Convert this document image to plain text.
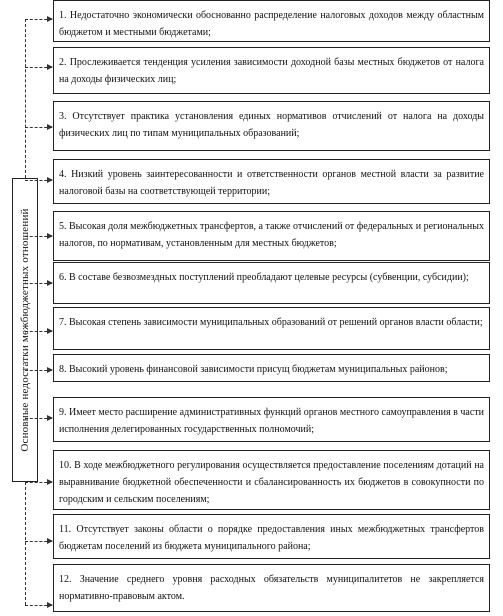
Основные недостатки межбюджетных отношений
1. Недостаточно экономически обоснованно распределение налоговых доходов между областным бюджетом и местными бюджетами;
2. Прослеживается тенденция усиления зависимости доходной базы местных бюджетов от налога на доходы физических лиц;
3. Отсутствует практика установления единых нормативов отчислений от налога на доходы физических лиц по типам муниципальных образований;
4. Низкий уровень заинтересованности и ответственности органов местной власти за развитие налоговой базы на соответствующей территории;
5. Высокая доля межбюджетных трансфертов, а также отчислений от федеральных и региональных налогов, по нормативам, установленным для местных бюджетов;
6. В составе безвозмездных поступлений преобладают целевые ресурсы (субвенции, субсидии);
7. Высокая степень зависимости муниципальных образований от решений органов власти области;
8. Высокий уровень финансовой зависимости присущ бюджетам муниципальных районов;
9. Имеет место расширение административных функций органов местного самоуправления в части исполнения делегированных государственных полномочий;
10. В ходе межбюджетного регулирования осуществляется предоставление поселениям дотаций на выравнивание бюджетной обеспеченности и сбалансированность их бюджетов в совокупности по городским и сельским поселениям;
11. Отсутствует законы области о порядке предоставления иных межбюджетных трансфертов бюджетам поселений из бюджета муниципального района;
12. Значение среднего уровня расходных обязательств муниципалитетов не закрепляется нормативно-правовым актом.
